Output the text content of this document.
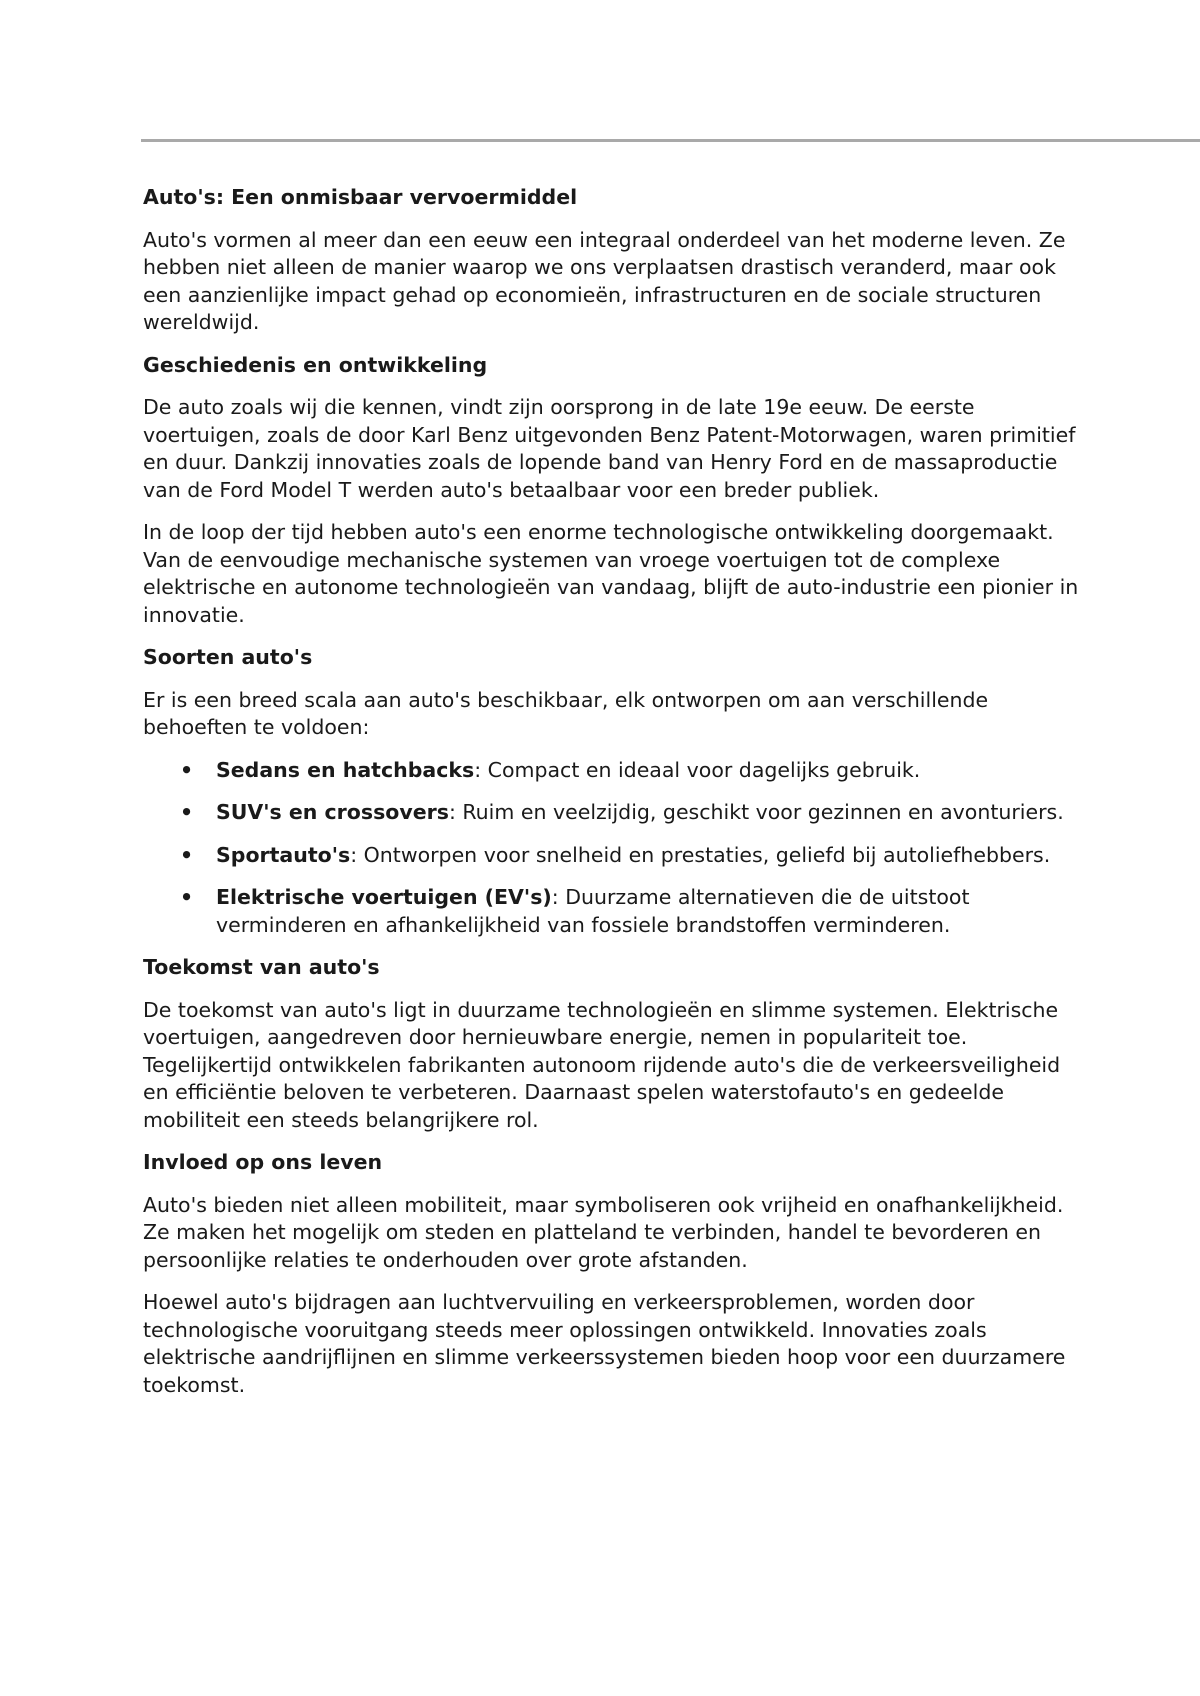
Auto's: Een onmisbaar vervoermiddel

Auto's vormen al meer dan een eeuw een integraal onderdeel van het moderne leven. Ze hebben niet alleen de manier waarop we ons verplaatsen drastisch veranderd, maar ook een aanzienlijke impact gehad op economieën, infrastructuren en de sociale structuren wereldwijd.

Geschiedenis en ontwikkeling

De auto zoals wij die kennen, vindt zijn oorsprong in de late 19e eeuw. De eerste voertuigen, zoals de door Karl Benz uitgevonden Benz Patent-Motorwagen, waren primitief en duur. Dankzij innovaties zoals de lopende band van Henry Ford en de massaproductie van de Ford Model T werden auto's betaalbaar voor een breder publiek.

In de loop der tijd hebben auto's een enorme technologische ontwikkeling doorgemaakt. Van de eenvoudige mechanische systemen van vroege voertuigen tot de complexe elektrische en autonome technologieën van vandaag, blijft de auto-industrie een pionier in innovatie.

Soorten auto's

Er is een breed scala aan auto's beschikbaar, elk ontworpen om aan verschillende behoeften te voldoen:

• Sedans en hatchbacks: Compact en ideaal voor dagelijks gebruik.
• SUV's en crossovers: Ruim en veelzijdig, geschikt voor gezinnen en avonturiers.
• Sportauto's: Ontworpen voor snelheid en prestaties, geliefd bij autoliefhebbers.
• Elektrische voertuigen (EV's): Duurzame alternatieven die de uitstoot verminderen en afhankelijkheid van fossiele brandstoffen verminderen.
Toekomst van auto's

De toekomst van auto's ligt in duurzame technologieën en slimme systemen. Elektrische voertuigen, aangedreven door hernieuwbare energie, nemen in populariteit toe. Tegelijkertijd ontwikkelen fabrikanten autonoom rijdende auto's die de verkeersveiligheid en efficiëntie beloven te verbeteren. Daarnaast spelen waterstofauto's en gedeelde mobiliteit een steeds belangrijkere rol.

Invloed op ons leven

Auto's bieden niet alleen mobiliteit, maar symboliseren ook vrijheid en onafhankelijkheid. Ze maken het mogelijk om steden en platteland te verbinden, handel te bevorderen en persoonlijke relaties te onderhouden over grote afstanden.

Hoewel auto's bijdragen aan luchtvervuiling en verkeersproblemen, worden door technologische vooruitgang steeds meer oplossingen ontwikkeld. Innovaties zoals elektrische aandrijflijnen en slimme verkeerssystemen bieden hoop voor een duurzamere toekomst.
